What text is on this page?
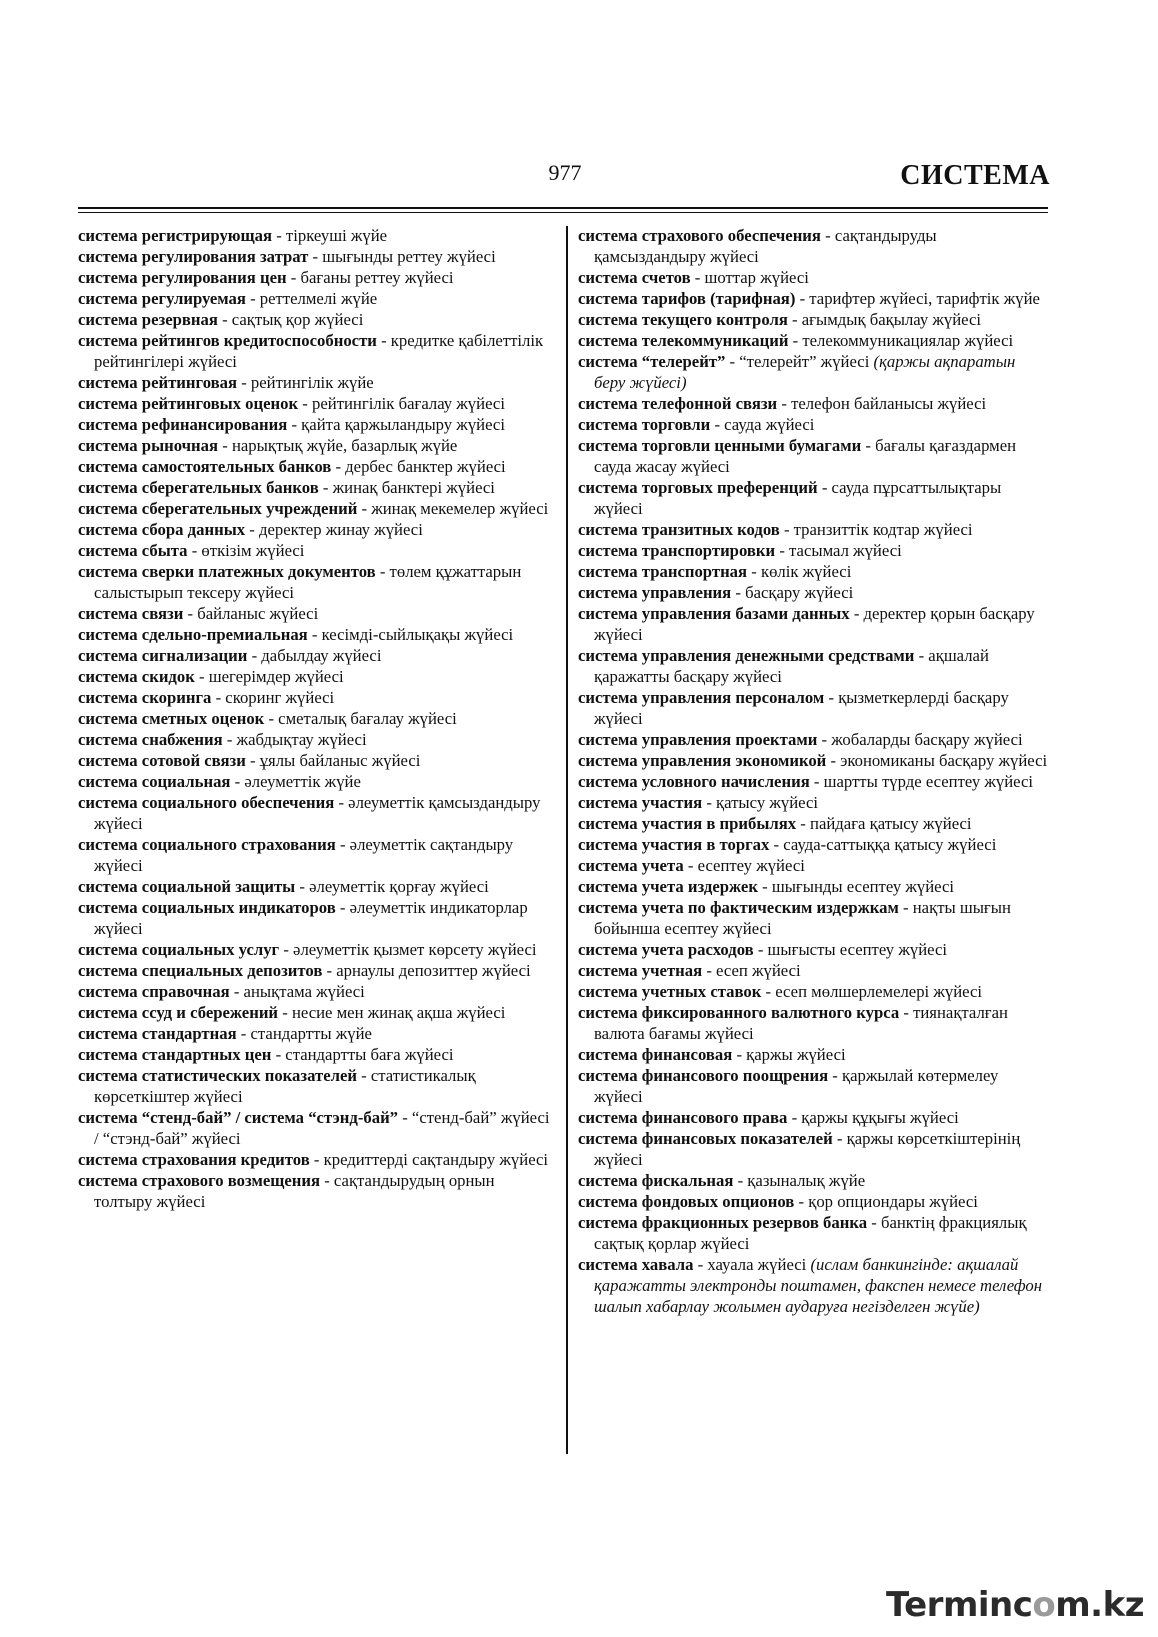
977	СИСТЕМА

система регистрирующая - тіркеуші жүйе

система регулирования затрат - шығынды реттеу жүйесі

система регулирования цен - бағаны реттеу жүйесі

система регулируемая - реттелмелі жүйе

система резервная - сақтық қор жүйесі

система рейтингов кредитоспособности - кредитке қабілеттілік рейтингілері жүйесі

система рейтинговая - рейтингілік жүйе

система рейтинговых оценок - рейтингілік бағалау жүйесі

система рефинансирования - қайта қаржыландыру жүйесі

система рыночная - нарықтық жүйе, базарлық жүйе

система самостоятельных банков - дербес банктер жүйесі

система сберегательных банков - жинақ банктері жүйесі

система сберегательных учреждений - жинақ мекемелер жүйесі

система сбора данных - деректер жинау жүйесі

система сбыта - өткізім жүйесі

система сверки платежных документов - төлем құжаттарын салыстырып тексеру жүйесі

система связи - байланыс жүйесі

система сдельно-премиальная - кесімді-сыйлықақы жүйесі

система сигнализации - дабылдау жүйесі

система скидок - шегерімдер жүйесі

система скоринга - скоринг жүйесі

система сметных оценок - сметалық бағалау жүйесі

система снабжения - жабдықтау жүйесі

система сотовой связи - ұялы байланыс жүйесі

система социальная - әлеуметтік жүйе

система социального обеспечения - әлеуметтік қамсыздандыру жүйесі

система социального страхования - әлеуметтік сақтандыру жүйесі

система социальной защиты - әлеуметтік қорғау жүйесі

система социальных индикаторов - әлеуметтік индикаторлар жүйесі

система социальных услуг - әлеуметтік қызмет көрсету жүйесі

система специальных депозитов - арнаулы депозиттер жүйесі

система справочная - анықтама жүйесі

система ссуд и сбережений - несие мен жинақ ақша жүйесі

система стандартная - стандартты жүйе

система стандартных цен - стандартты баға жүйесі

система статистических показателей - статистикалық көрсеткіштер жүйесі

система “стенд-бай” / система “стэнд-бай” - “стенд-бай” жүйесі / “стэнд-бай” жүйесі

система страхования кредитов - кредиттерді сақтандыру жүйесі

система страхового возмещения - сақтандырудың орнын толтыру жүйесі

система страхового обеспечения - сақтандыруды қамсыздандыру жүйесі

система счетов - шоттар жүйесі

система тарифов (тарифная) - тарифтер жүйесі, тарифтік жүйе

система текущего контроля - ағымдық бақылау жүйесі

система телекоммуникаций - телекоммуникациялар жүйесі

система “телерейт” - “телерейт” жүйесі (қаржы ақпаратын беру жүйесі)

система телефонной связи - телефон байланысы жүйесі

система торговли - сауда жүйесі

система торговли ценными бумагами - бағалы қағаздармен сауда жасау жүйесі

система торговых преференций - сауда пұрсаттылықтары жүйесі

система транзитных кодов - транзиттік кодтар жүйесі

система транспортировки - тасымал жүйесі

система транспортная - көлік жүйесі

система управления - басқару жүйесі

система управления базами данных - деректер қорын басқару жүйесі

система управления денежными средствами - ақшалай қаражатты басқару жүйесі

система управления персоналом - қызметкерлерді басқару жүйесі

система управления проектами - жобаларды басқару жүйесі

система управления экономикой - экономиканы басқару жүйесі

система условного начисления - шартты түрде есептеу жүйесі

система участия - қатысу жүйесі

система участия в прибылях - пайдаға қатысу жүйесі

система участия в торгах - сауда-саттыққа қатысу жүйесі

система учета - есептеу жүйесі

система учета издержек - шығынды есептеу жүйесі

система учета по фактическим издержкам - нақты шығын бойынша есептеу жүйесі

система учета расходов - шығысты есептеу жүйесі

система учетная - есеп жүйесі

система учетных ставок - есеп мөлшерлемелері жүйесі

система фиксированного валютного курса - тиянақталған валюта бағамы жүйесі

система финансовая - қаржы жүйесі

система финансового поощрения - қаржылай көтермелеу жүйесі

система финансового права - қаржы құқығы жүйесі

система финансовых показателей - қаржы көрсеткіштерінің жүйесі

система фискальная - қазыналық жүйе

система фондовых опционов - қор опциондары жүйесі

система фракционных резервов банка - банктің фракциялық сақтық қорлар жүйесі

система хавала - хауала жүйесі (ислам банкингінде: ақшалай қаражатты электронды поштамен, факспен немесе телефон шалып хабарлау жолымен аударуға негізделген жүйе)

Termincom.kz
